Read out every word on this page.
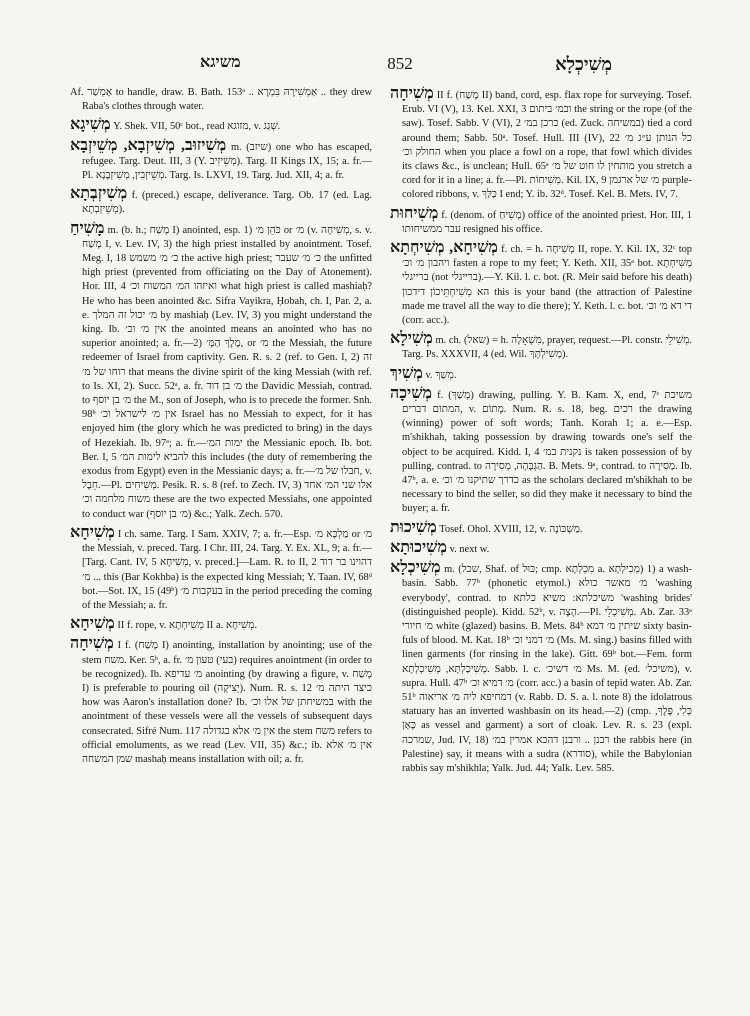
משיגא	852	מְשִׁיכְלָא

Af. אַמְשַׁר to handle, draw. B. Bath. 153ᵃ .. אַמְשִׁירָהּ בִּמְרָא .. they drew Raba's clothes through water.

מְשִׁיגָא Y. Shek. VII, 50ᶜ bot., read מזוגא, v. שְׁגַג.

מְשִׁיזוּב, מְשִׁיזְבָא, מְשֵׁיזְבָא m. (שיזב) one who has escaped, refugee. Targ. Deut. III, 3 (Y. מְשֵׁיזִיב). Targ. II Kings IX, 15; a. fr.—Pl. מְשֵׁיזְבִין, מְשִׁיזְבָנָא. Targ. Is. LXVI, 19. Targ. Jud. XII, 4; a. fr.

מְשִׁיזְבְתָא f. (preced.) escape, deliverance. Targ. Ob. 17 (ed. Lag. מְשֵׁיזְבְתָא).

מָשִׁיחַ m. (b. h.; מָשַׁח I) anointed, esp. 1) כֹּהֵן מ׳ or מ׳ (v. מְשִׁיחָה, s. v. מָשַׁח I, v. Lev. IV, 3) the high priest installed by anointment. Tosef. Meg. I, 18 כ׳ מ׳ משמש the active high priest; כ׳ מ׳ שעבר the unfitted high priest (prevented from officiating on the Day of Atonement). Hor. III, 4 ואיזהו המ׳ המשוח וכ׳ what high priest is called mashiaḥ? He who has been anointed &c. Sifra Vayikra, Ḥobah, ch. I, Par. 2, a. e. מ׳ יכול זה המלך by mashiaḥ (Lev. IV, 3) you might understand the king. Ib. אין מ׳ וכ׳ the anointed means an anointed who has no superior anointed; a. fr.—2) מֶלֶךְ הַמָּ׳, or מ׳ the Messiah, the future redeemer of Israel from captivity. Gen. R. s. 2 (ref. to Gen. I, 2) זה רוחו של מ׳ that means the divine spirit of the king Messiah (with ref. to Is. XI, 2). Succ. 52ᵃ, a. fr. מ׳ בן דוד the Davidic Messiah, contrad. to מ׳ בן יוסף the M., son of Joseph, who is to precede the former. Snh. 98ᵇ אין מ׳ לישראל וכ׳ Israel has no Messiah to expect, for it has enjoyed him (the glory which he was predicted to bring) in the days of Hezekiah. Ib. 97ᵃ; a. fr.—ימות המ׳ the Messianic epoch. Ib. bot. Ber. I, 5 להביא לימות המ׳ this includes (the duty of remembering the exodus from Egypt) even in the Messianic days; a. fr.—חבלו של מ׳, v. חֵבֶל.—Pl. מְשִׁיחִים. Pesik. R. s. 8 (ref. to Zech. IV, 3) אלו שני המ׳ אחד משוח מלחמה וכ׳ these are the two expected Messiahs, one appointed to conduct war (מ׳ בן יוסף) &c.; Yalk. Zech. 570.

מְשִׁיחָא I ch. same. Targ. I Sam. XXIV, 7; a. fr.—Esp. מַלְכָּא מ׳ or מ׳ the Messiah, v. preced. Targ. I Chr. III, 24. Targ. Y. Ex. XL, 9; a. fr.—[Targ. Cant. IV, 5 מְשִׁיחָא, v. preced.]—Lam. R. to II, 2 דהוינו בר דוד ... מ׳ this (Bar Kokhba) is the expected king Messiah; Y. Taan. IV, 68ᵈ bot.—Sot. IX, 15 (49ᵇ) בעקבות מ׳ in the period preceding the coming of the Messiah; a. fr.

מְשִׁיחָא II f. rope, v. מְשִׁיחְתָא II a. מְשִׁיחָא.

מְשִׁיחָה I f. (מָשַׁח I) anointing, installation by anointing; use of the stem משח. Ker. 5ᵇ, a. fr. בעי) טעון מ׳) requires anointment (in order to be recognized). Ib. מ׳ עדיפא anointing (by drawing a figure, v. מָשַׁח I) is preferable to pouring oil (יְצִיקָה). Num. R. s. 12 כיצד היתה מ׳ how was Aaron's installation done? Ib. במשיחתן של אלו וכ׳ with the anointment of these vessels were all the vessels of subsequent days consecrated. Sifré Num. 117 אין מ׳ אלא בגדולה the stem משח refers to official emoluments, as we read (Lev. VII, 35) &c.; ib. אין מ׳ אלא שמן המשחה mashaḥ means installation with oil; a. fr.

מְשִׁיחָה II f. (מָשַׁח II) band, cord, esp. flax rope for surveying. Tosef. Erub. VI (V), 13. Kel. XXI, 3 ובמ׳ ביתום the string or the rope (of the saw). Tosef. Sabb. V (VI), 2 כרכן במ׳ (ed. Zuck. במשיחה) tied a cord around them; Sabb. 50ᵃ. Tosef. Hull. III (IV), 22 כל הנותן ע״ג מ׳ החולק וכ׳ when you place a fowl on a rope, that fowl which divides its claws &c., is unclean; Hull. 65ᵃ מותחין לו חוט של מ׳ you stretch a cord for it in a line; a. fr.—Pl. מְשִׁיחוֹת. Kil. IX, 9 מ׳ של ארגמן purple-colored ribbons, v. כַּלַּךְ I end; Y. ib. 32ᵈ. Tosef. Kel. B. Mets. IV, 7.

מְשִׁיחוּת f. (denom. of מָשִׁיחַ) office of the anointed priest. Hor. III, 1 עבר ממשיחותו resigned his office.

מְשִׁיחָא, מְשִׁיחְתָא f. ch. = h. מְשִׁיחָה II, rope. Y. Kil. IX, 32ᶜ top ויהבון מ׳ וכ׳ fasten a rope to my feet; Y. Keth. XII, 35ᵃ bot. מְשִׁיחְתָא ברייגלי (not ברייגלי).—Y. Kil. l. c. bot. (R. Meir said before his death) הא מְשִׁיחְתֵּיכוֹן דידכון this is your band (the attraction of Palestine made me travel all the way to die there); Y. Keth. l. c. bot. די דא מ׳ וכ׳ (corr. acc.).

מְשִׁילָא m. ch. (שאל) = h. מִשְׁאָלָה, prayer, request.—Pl. constr. מְשִׁילֵי. Targ. Ps. XXXVII, 4 (ed. Wil. מְשִׁילְתָּךְ).

מְשִׁיךְ v. מְשַׁךְ.

מְשִׁיכָה f. (מָשַׁךְ) drawing, pulling. Y. B. Kam. X, end, 7ᶜ משיכת המתום דברים, v. מָתוֹם. Num. R. s. 18, beg. רכים the drawing (winning) power of soft words; Tanh. Korah 1; a. e.—Esp. m'shikhah, taking possession by drawing towards one's self the object to be acquired. Kidd. I, 4 נקנית במ׳ is taken possession of by pulling, contrad. to הַגְבָּהָה, מְסִירָה. B. Mets. 9ᵃ, contrad. to מְסִירָה. Ib. 47ᵇ, a. e. כדרך שתיקנו מ׳ וכ׳ as the scholars declared m'shikhah to be necessary to bind the seller, so did they make it necessary to bind the buyer; a. fr.

מְשִׁיכוּת Tosef. Ohol. XVIII, 12, v. מַשְׁכּוֹנָה.

מְשִׁיכוּתָא v. next w.

מְשִׁיכְלָא m. (שכל, Shaf. of כּוּל; cmp. מִכְלְתָא a. מְכִילְתָא) 1) a wash-basin. Sabb. 77ᵇ (phonetic etymol.) מ׳ מאשר כולא 'washing everybody', contrad. to משיכלתא: משיא כלתא 'washing brides' (distinguished people). Kidd. 52ᵇ, v. הָצָה.—Pl. מְשִׁיכְלֵי. Ab. Zar. 33ᵃ מ׳ חיורי white (glazed) basins. B. Mets. 84ᵇ שיתין מ׳ דמא sixty basin-fuls of blood. M. Kat. 18ᵇ מ׳ דמני וכ׳ (Ms. M. sing.) basins filled with linen garments (for rinsing in the lake). Gitt. 69ᵇ bot.—Fem. form מְשִׁיכַלְתָּא, מְשִׁיכְלְתָא. Sabb. l. c. מ׳ דשיכ׳ Ms. M. (ed. משיכל׳), v. supra. Hull. 47ᵇ מ׳ דמיא וכ׳ (corr. acc.) a basin of tepid water. Ab. Zar. 51ᵇ דמחיפא ליה מ׳ אריאוה (v. Rabb. D. S. a. l. note 8) the idolatrous statuary has an inverted washbasin on its head.—2) (cmp. כְּלִי, פֶּלֶךְ, כָּאַן as vessel and garment) a sort of cloak. Lev. R. s. 23 (expl. שמרכה, Jud. IV, 18) רבנן .. ורבנן דהכא אמרין במ׳ the rabbis here (in Palestine) say, it means with a sudra (סודרא), while the Babylonian rabbis say m'shikhla; Yalk. Jud. 44; Yalk. Lev. 585.
